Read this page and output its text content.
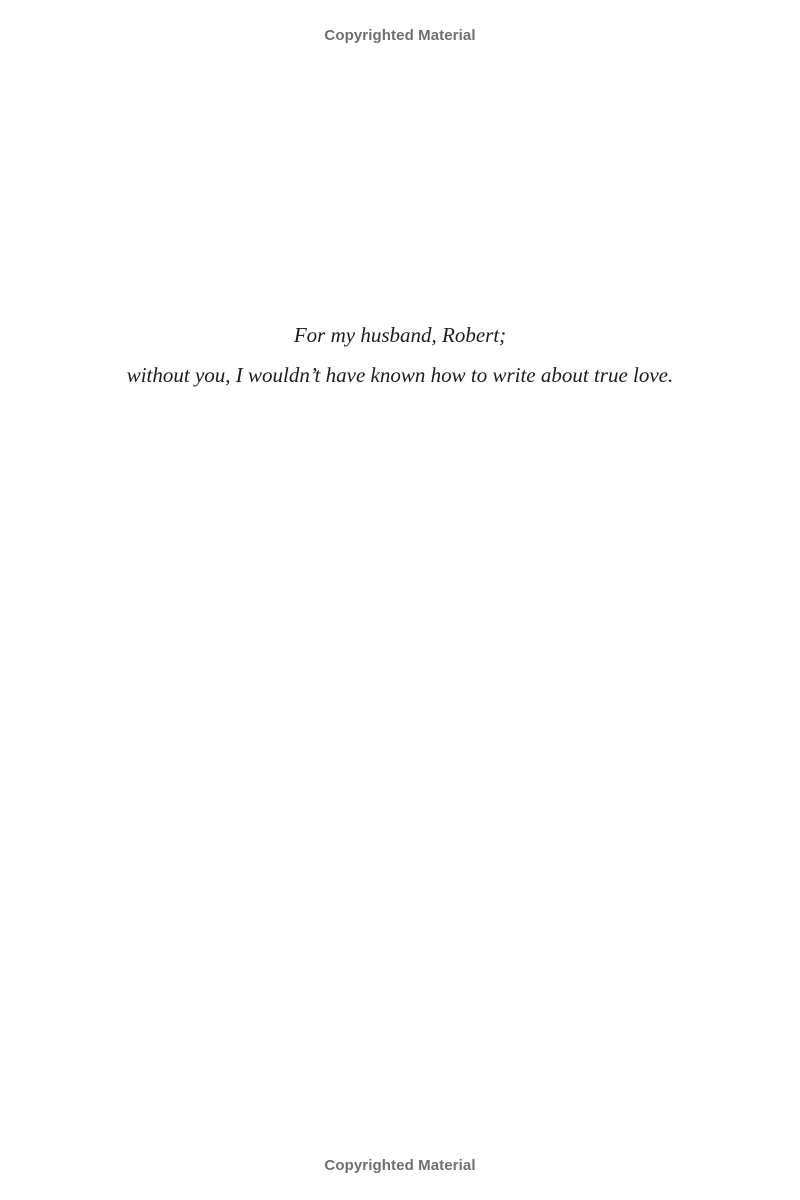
Copyrighted Material
For my husband, Robert;
without you, I wouldn’t have known how to write about true love.
Copyrighted Material
